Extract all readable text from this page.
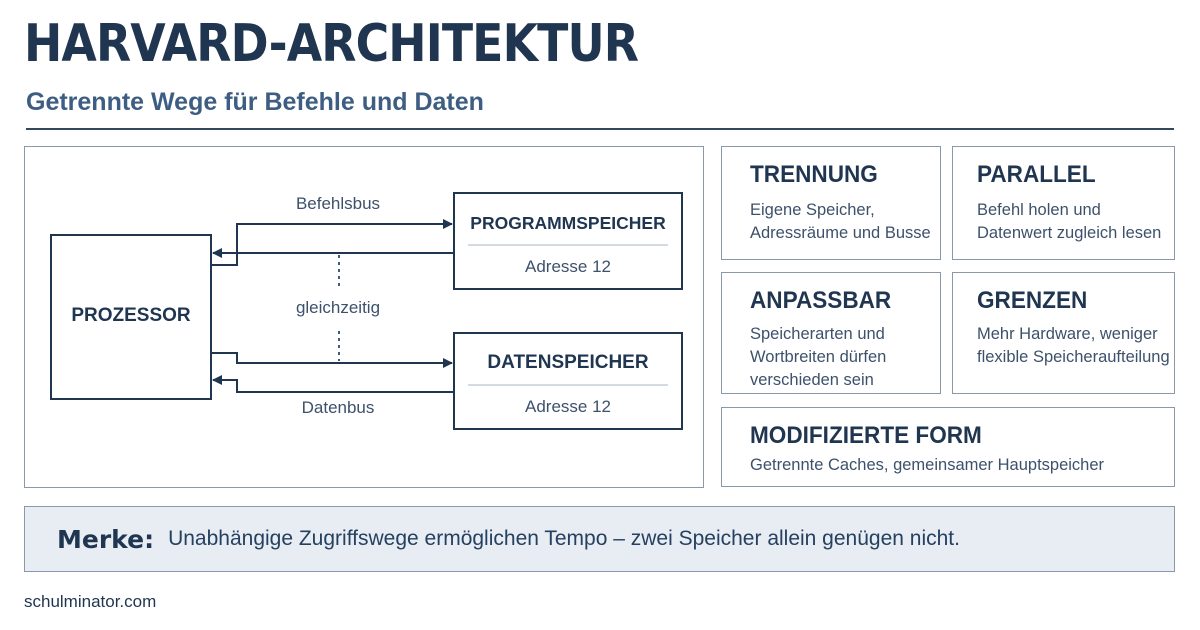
HARVARD-ARCHITEKTUR
Getrennte Wege für Befehle und Daten
PROZESSOR
PROGRAMMSPEICHER
Adresse 12
DATENSPEICHER
Adresse 12
Befehlsbus
gleichzeitig
Datenbus
TRENNUNG
Eigene Speicher,
Adressräume und Busse
PARALLEL
Befehl holen und
Datenwert zugleich lesen
ANPASSBAR
Speicherarten und
Wortbreiten dürfen
verschieden sein
GRENZEN
Mehr Hardware, weniger
flexible Speicheraufteilung
MODIFIZIERTE FORM
Getrennte Caches, gemeinsamer Hauptspeicher
Merke: Unabhängige Zugriffswege ermöglichen Tempo – zwei Speicher allein genügen nicht.
schulminator.com
